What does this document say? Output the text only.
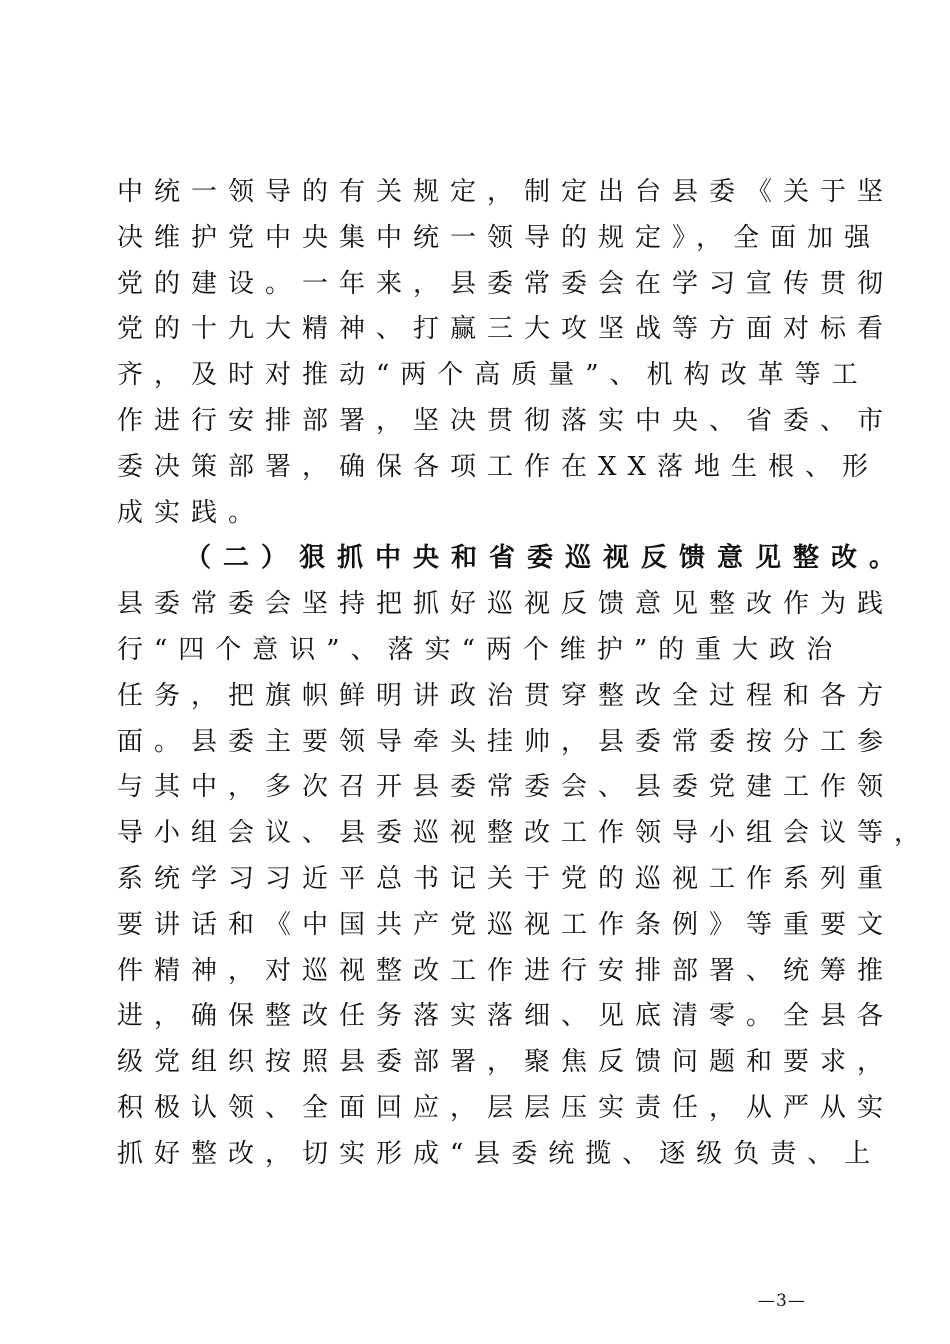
中统一领导的有关规定，制定出台县委《关于坚
决维护党中央集中统一领导的规定》，全面加强
党的建设。一年来，县委常委会在学习宣传贯彻
党的十九大精神、打赢三大攻坚战等方面对标看
齐，及时对推动“两个高质量”、机构改革等工
作进行安排部署，坚决贯彻落实中央、省委、市
委决策部署，确保各项工作在XX落地生根、形
成实践。
（二）狠抓中央和省委巡视反馈意见整改。
县委常委会坚持把抓好巡视反馈意见整改作为践
行“四个意识”、落实“两个维护”的重大政治
任务，把旗帜鲜明讲政治贯穿整改全过程和各方
面。县委主要领导牵头挂帅，县委常委按分工参
与其中，多次召开县委常委会、县委党建工作领
导小组会议、县委巡视整改工作领导小组会议等，
系统学习习近平总书记关于党的巡视工作系列重
要讲话和《中国共产党巡视工作条例》等重要文
件精神，对巡视整改工作进行安排部署、统筹推
进，确保整改任务落实落细、见底清零。全县各
级党组织按照县委部署，聚焦反馈问题和要求，
积极认领、全面回应，层层压实责任，从严从实
抓好整改，切实形成“县委统揽、逐级负责、上
—3—
